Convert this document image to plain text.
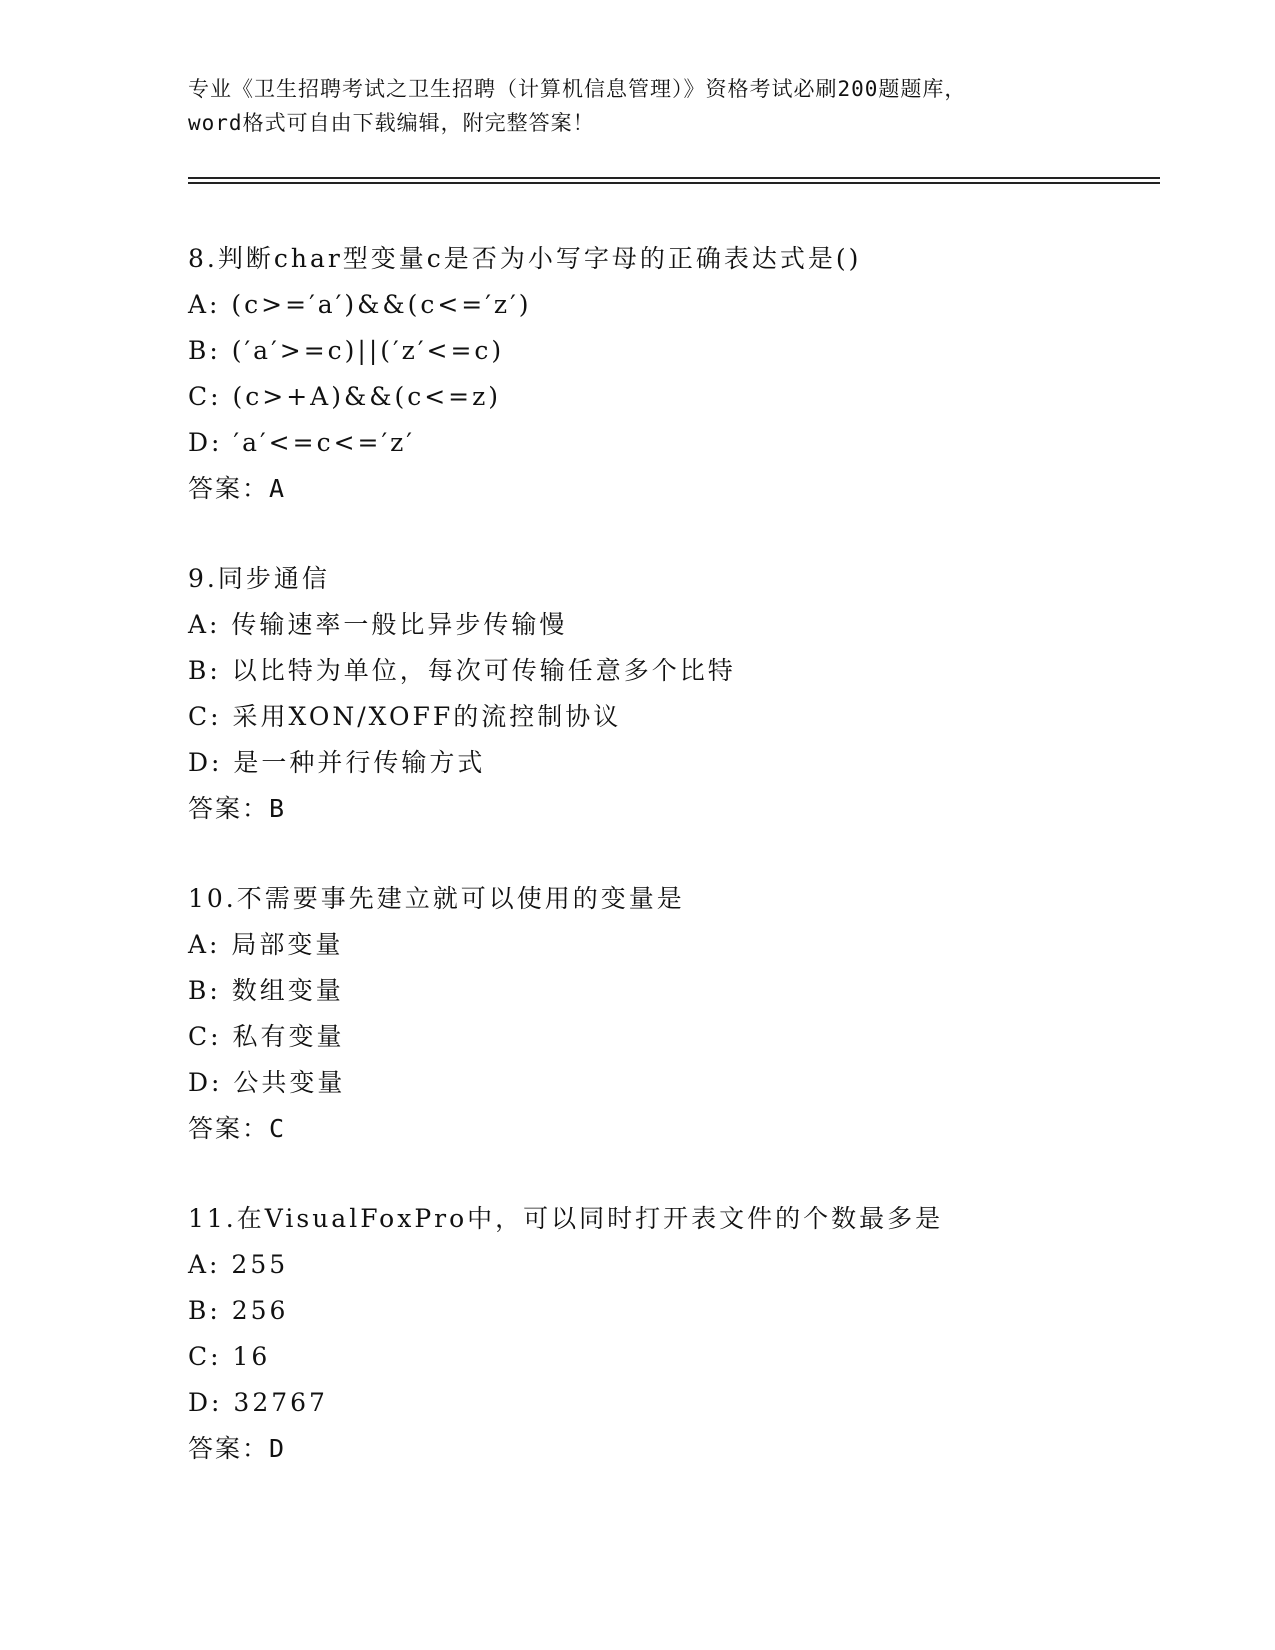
专业《卫生招聘考试之卫生招聘（计算机信息管理）》资格考试必刷200题题库，
word格式可自由下载编辑，附完整答案！
8.判断char型变量c是否为小写字母的正确表达式是()
A: (c>=′a′)&&(c<=′z′)
B: (′a′>=c)||(′z′<=c)
C: (c>+A)&&(c<=z)
D: ′a′<=c<=′z′
答案：A
9.同步通信
A: 传输速率一般比异步传输慢
B: 以比特为单位，每次可传输任意多个比特
C: 采用XON/XOFF的流控制协议
D: 是一种并行传输方式
答案：B
10.不需要事先建立就可以使用的变量是
A: 局部变量
B: 数组变量
C: 私有变量
D: 公共变量
答案：C
11.在VisualFoxPro中，可以同时打开表文件的个数最多是
A: 255
B: 256
C: 16
D: 32767
答案：D
